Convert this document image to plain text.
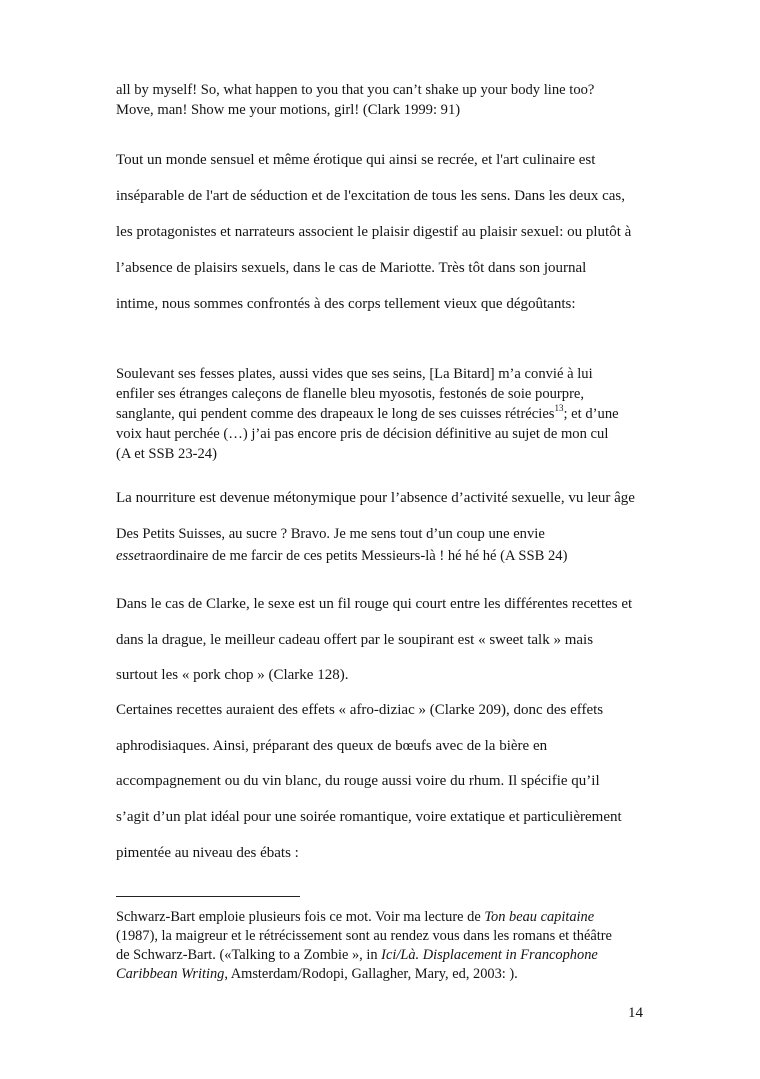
all by myself! So, what happen to you that you can’t shake up your body line too?
Move, man! Show me your motions, girl! (Clark 1999: 91)
Tout un monde sensuel et même érotique qui ainsi se recrée, et l'art culinaire est
inséparable de l'art de séduction et de l'excitation de tous les sens. Dans les deux cas,
les protagonistes et narrateurs associent le plaisir digestif au plaisir sexuel: ou plutôt à
l’absence de plaisirs sexuels, dans le cas de Mariotte. Très tôt dans son journal
intime, nous sommes confrontés à des corps tellement vieux que dégoûtants:
Soulevant ses fesses plates, aussi vides que ses seins, [La Bitard] m’a convié à lui
enfiler ses étranges caleçons de flanelle bleu myosotis, festonés de soie pourpre,
sanglante, qui pendent comme des drapeaux le long de ses cuisses rétrécies$^{13}$; et d’une
voix haut perchée (…) j’ai pas encore pris de décision définitive au sujet de mon cul
(A et SSB 23-24)
La nourriture est devenue métonymique pour l’absence d’activité sexuelle, vu leur âge
Des Petits Suisses, au sucre ? Bravo. Je me sens tout d’un coup une envie
essetraordinaire de me farcir de ces petits Messieurs-là ! hé hé hé (A SSB 24)
Dans le cas de Clarke, le sexe est un fil rouge qui court entre les différentes recettes et
dans la drague, le meilleur cadeau offert par le soupirant est « sweet talk » mais
surtout les « pork chop » (Clarke 128).
Certaines recettes auraient des effets « afro-diziac » (Clarke 209), donc des effets
aphrodisiaques. Ainsi, préparant des queux de bœufs avec de la bière en
accompagnement ou du vin blanc, du rouge aussi voire du rhum. Il spécifie qu’il
s’agit d’un plat idéal pour une soirée romantique, voire extatique et particulièrement
pimentée au niveau des ébats :
Schwarz-Bart emploie plusieurs fois ce mot. Voir ma lecture de Ton beau capitaine
(1987), la maigreur et le rétrécissement sont au rendez vous dans les romans et théâtre
de Schwarz-Bart. («Talking to a Zombie », in Ici/Là. Displacement in Francophone
Caribbean Writing, Amsterdam/Rodopi, Gallagher, Mary, ed, 2003: ).
14
